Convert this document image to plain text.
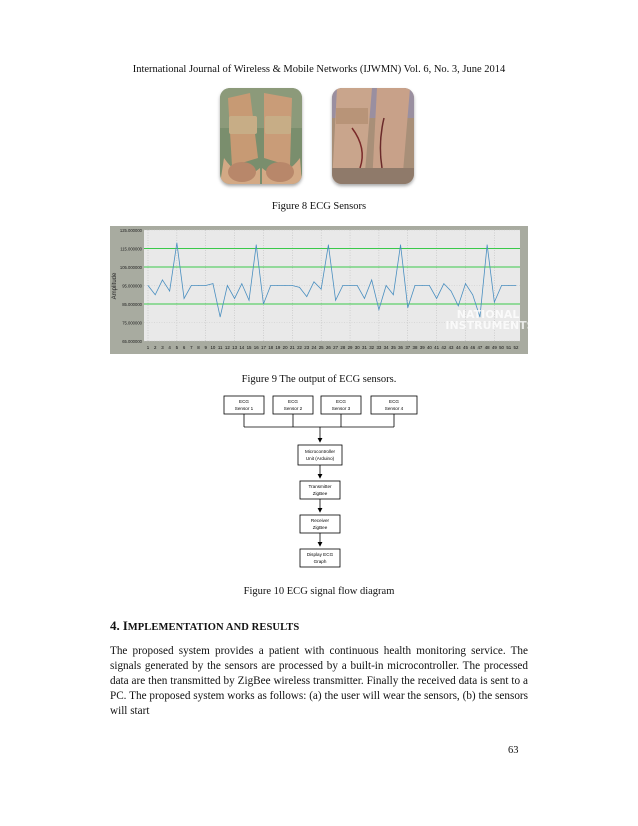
International Journal of Wireless & Mobile Networks (IJWMN) Vol. 6, No. 3, June 2014
Figure 8 ECG Sensors
125.000000
115.000000
105.000000
95.000000
85.000000
75.000000
65.000000
1 2 3 4 5 6 7 8 9 10 11 12 13 14 15 16 17 18 19 20 21 22 23 24 25 26 27 28 29 30 31 32 33 34 35 36 37 38 39 40 41 42 43 44 45 46 47 48 49 50 51 52
Amplitude
NATIONAL INSTRUMENTS
Figure 9 The output of ECG sensors.
ECG
Sensor 1
ECG
Sensor 2
ECG
Sensor 3
ECG
Sensor 4
Microcontroller
Unit (Arduino)
Transmitter
ZigBee
Receiver
ZigBee
Display ECG
Graph
Figure 10 ECG signal flow diagram
4. IMPLEMENTATION AND RESULTS
The proposed system provides a patient with continuous health monitoring service. The signals generated by the sensors are processed by a built-in microcontroller. The processed data are then transmitted by ZigBee wireless transmitter. Finally the received data is sent to a PC. The proposed system works as follows: (a) the user will wear the sensors, (b) the sensors will start
63
